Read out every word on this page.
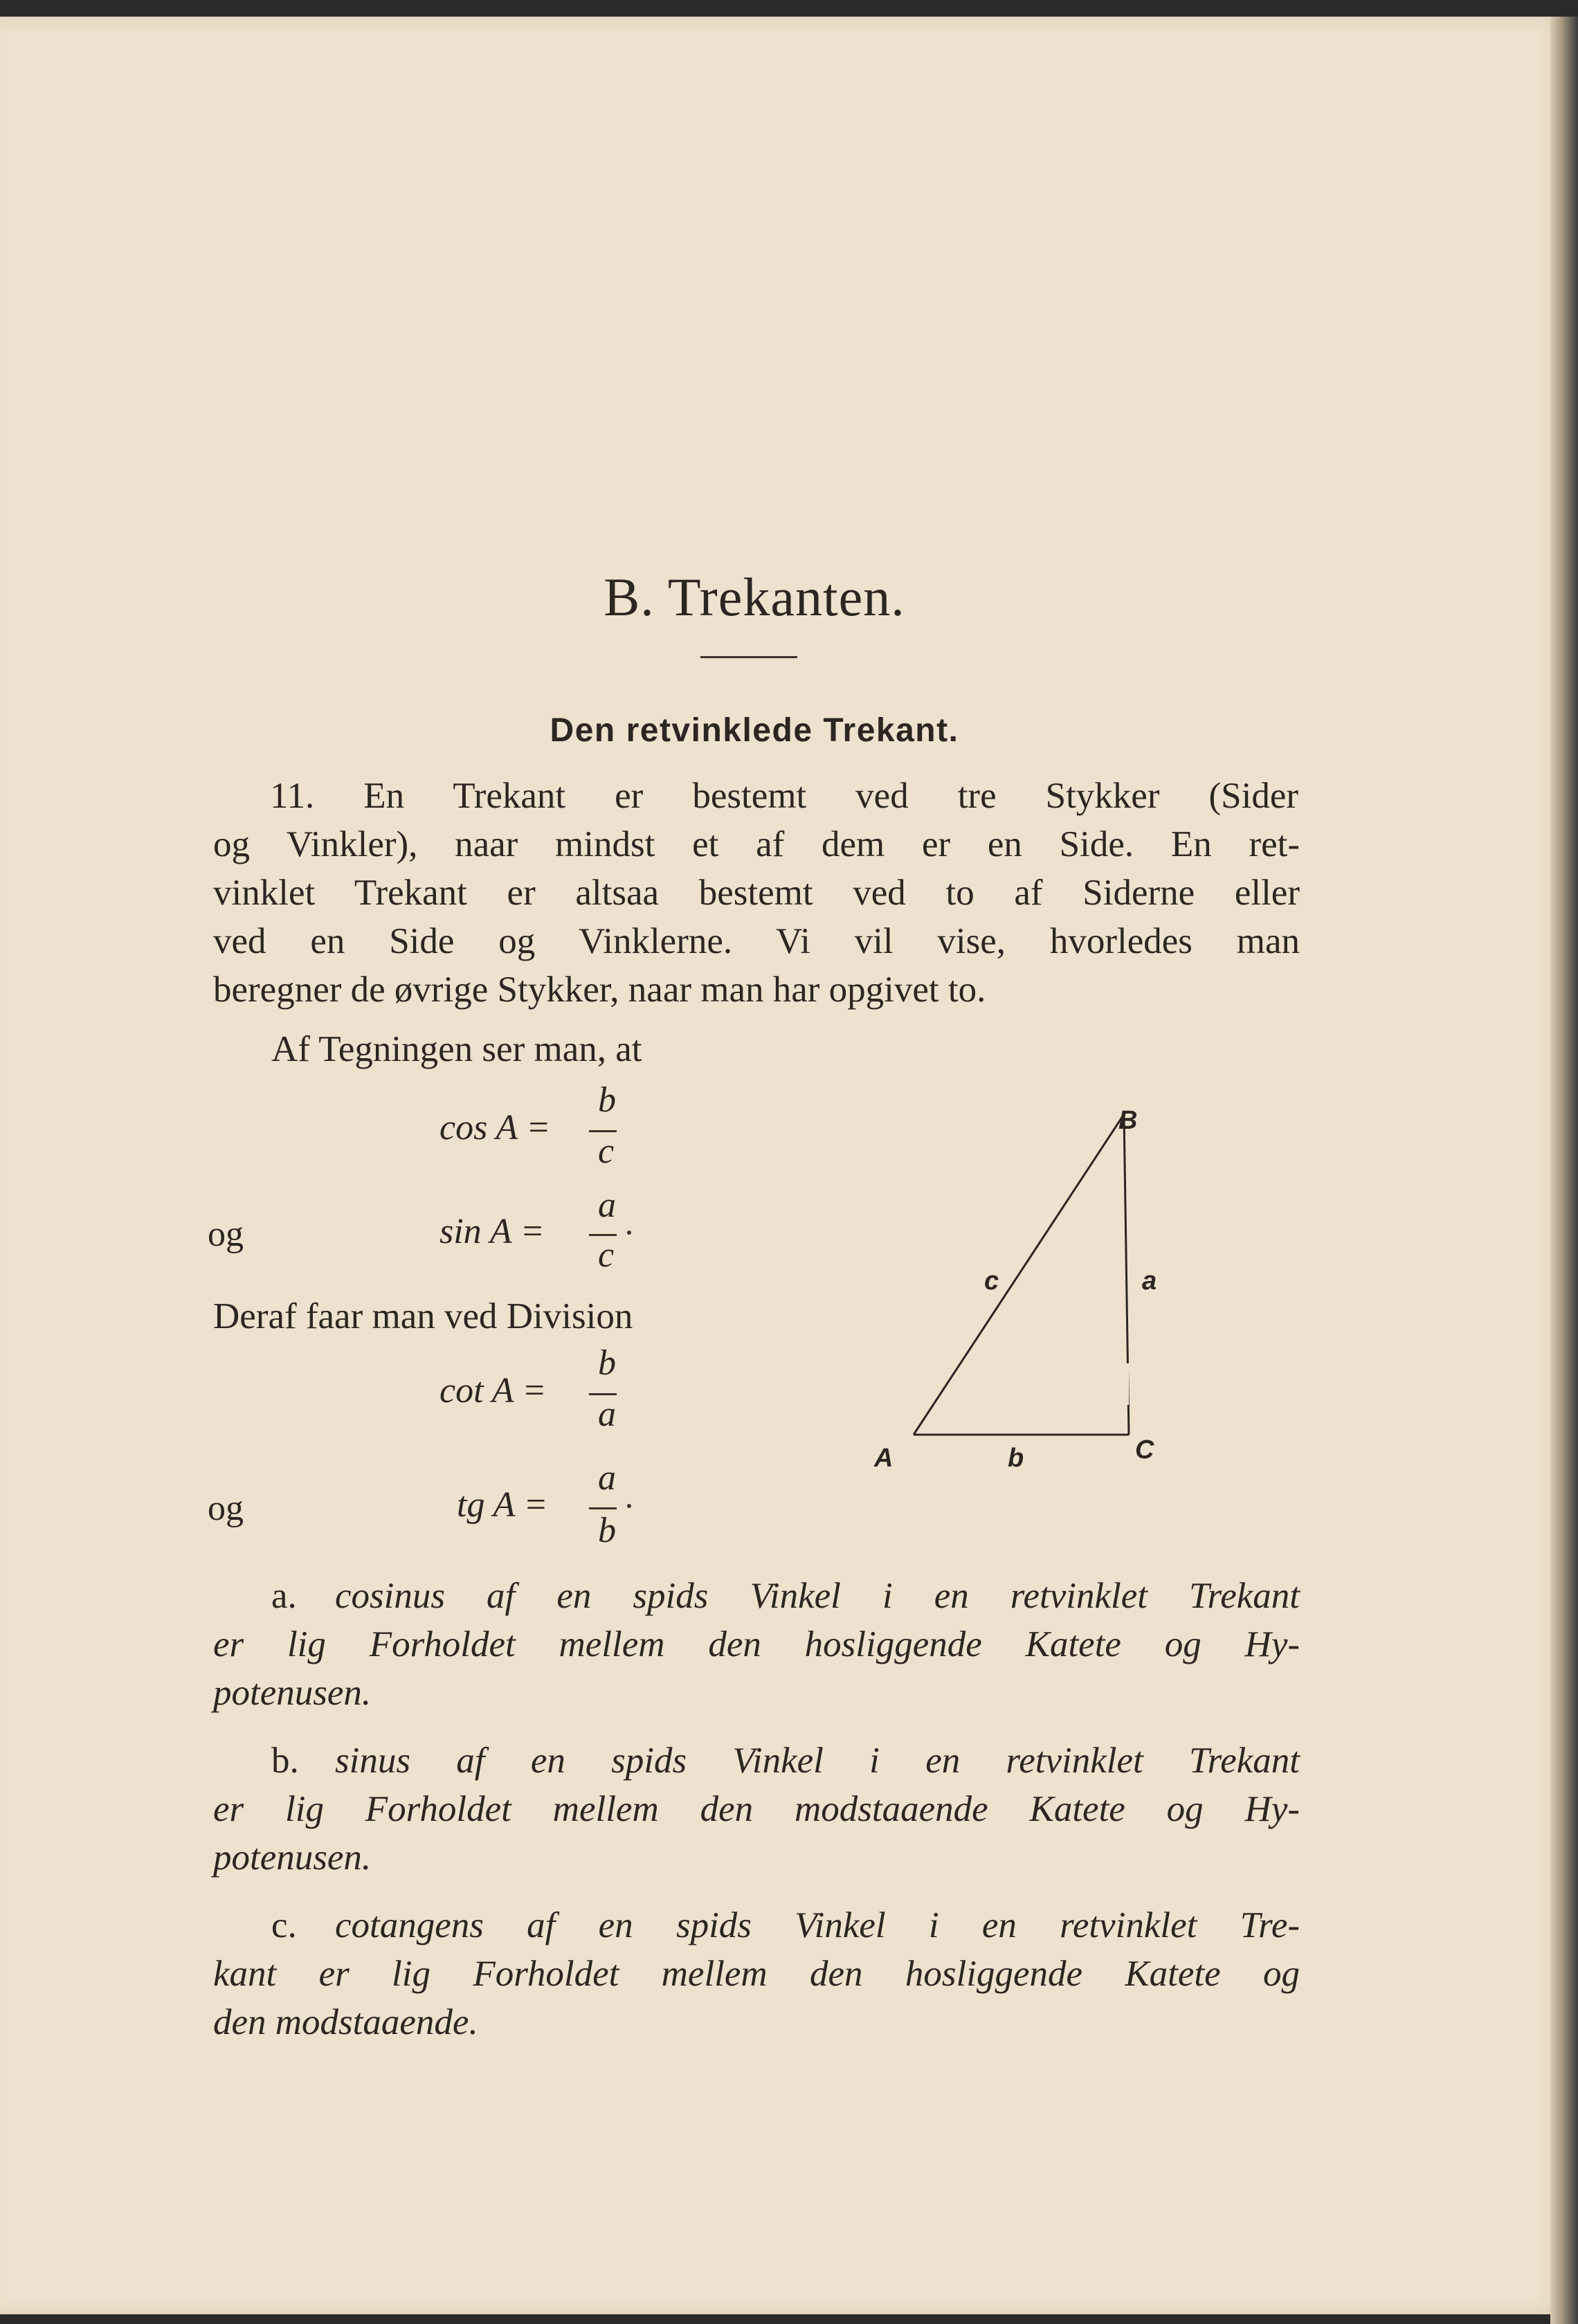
B. Trekanten.
Den retvinklede Trekant.
11. En Trekant er bestemt ved tre Stykker (Sider
og Vinkler), naar mindst et af dem er en Side. En ret-
vinklet Trekant er altsaa bestemt ved to af Siderne eller
ved en Side og Vinklerne. Vi vil vise, hvorledes man
beregner de øvrige Stykker, naar man har opgivet to.
Af Tegningen ser man, at
cos A =
b
c
og	sin A =
a
c
Deraf faar man ved Division
cot A =
b
a
og	tg A =
a
b
B
c	a
A	b	C
a. cosinus af en spids Vinkel i en retvinklet Trekant
er lig Forholdet mellem den hosliggende Katete og Hy-
potenusen.
b. sinus af en spids Vinkel i en retvinklet Trekant
er lig Forholdet mellem den modstaaende Katete og Hy-
potenusen.
c. cotangens af en spids Vinkel i en retvinklet Tre-
kant er lig Forholdet mellem den hosliggende Katete og
den modstaaende.
